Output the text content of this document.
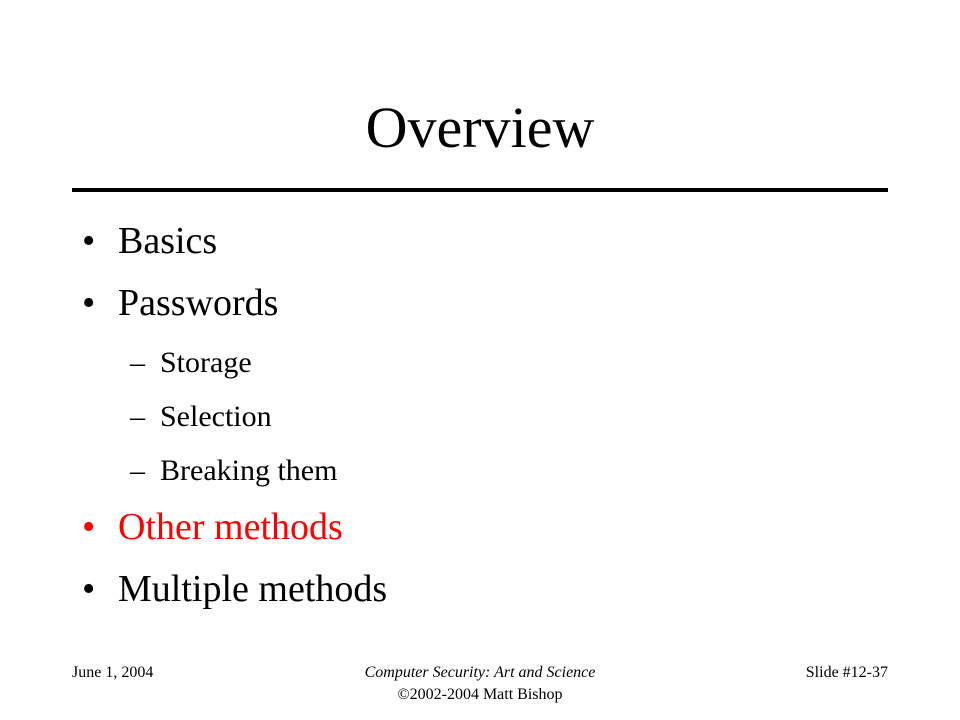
Overview
• Basics
• Passwords
– Storage
– Selection
– Breaking them
• Other methods
• Multiple methods
June 1, 2004	Computer Security: Art and Science
©2002-2004 Matt Bishop
Slide #12-37
